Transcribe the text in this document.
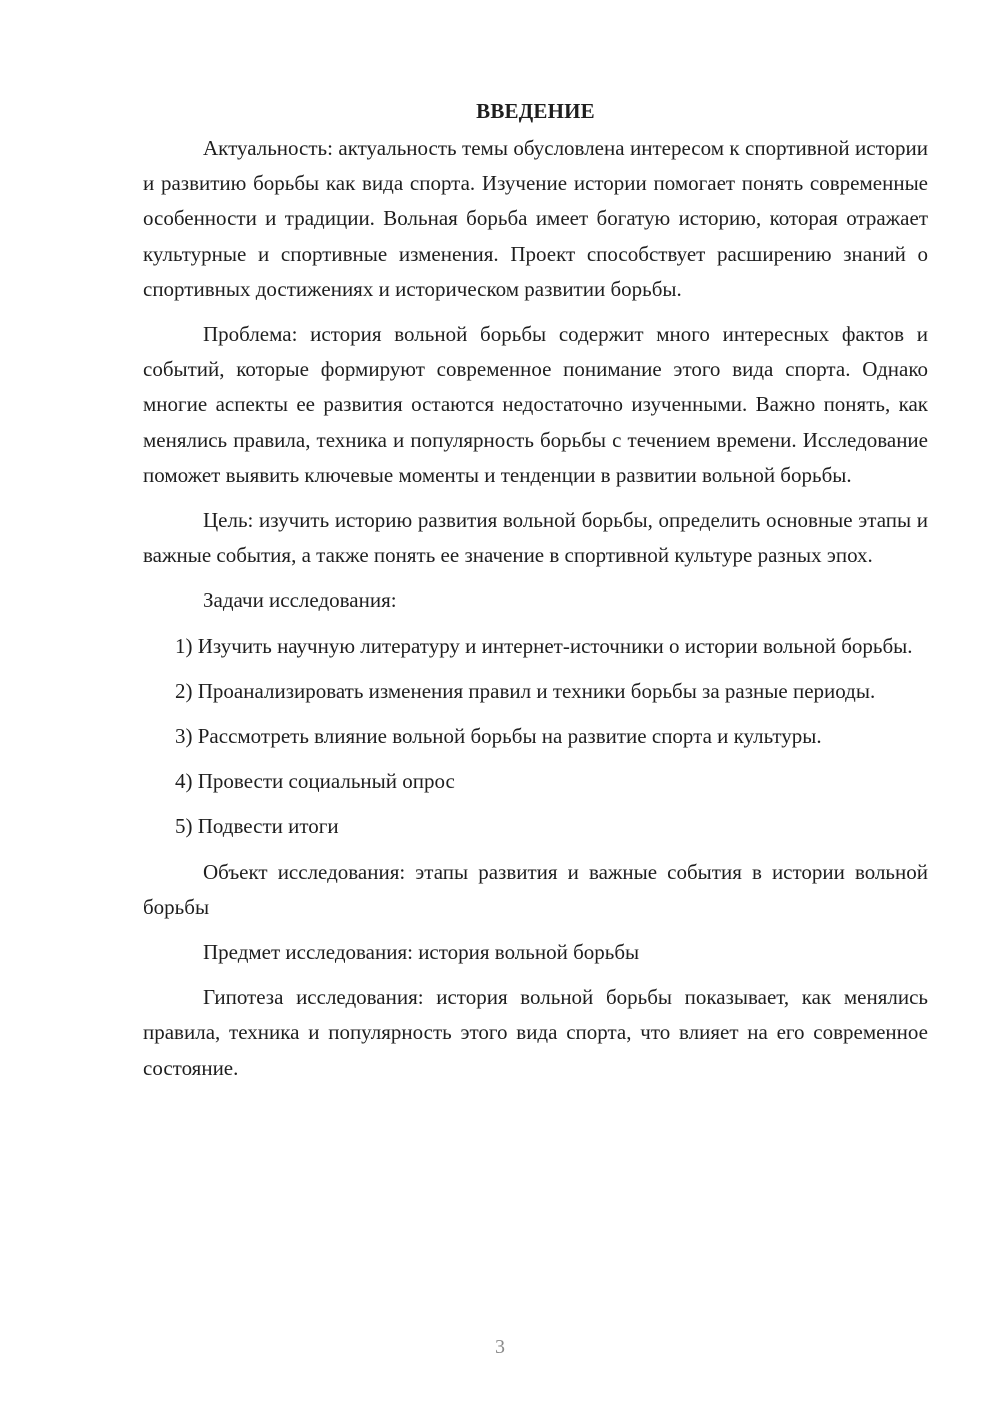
ВВЕДЕНИЕ

Актуальность: актуальность темы обусловлена интересом к спортивной истории и развитию борьбы как вида спорта. Изучение истории помогает понять современные особенности и традиции. Вольная борьба имеет богатую историю, которая отражает культурные и спортивные изменения. Проект способствует расширению знаний о спортивных достижениях и историческом развитии борьбы.

Проблема: история вольной борьбы содержит много интересных фактов и событий, которые формируют современное понимание этого вида спорта. Однако многие аспекты ее развития остаются недостаточно изученными. Важно понять, как менялись правила, техника и популярность борьбы с течением времени. Исследование поможет выявить ключевые моменты и тенденции в развитии вольной борьбы.

Цель: изучить историю развития вольной борьбы, определить основные этапы и важные события, а также понять ее значение в спортивной культуре разных эпох.

Задачи исследования:

1) Изучить научную литературу и интернет-источники о истории вольной борьбы.

2) Проанализировать изменения правил и техники борьбы за разные периоды.

3) Рассмотреть влияние вольной борьбы на развитие спорта и культуры.

4) Провести социальный опрос

5) Подвести итоги

Объект исследования: этапы развития и важные события в истории вольной борьбы

Предмет исследования: история вольной борьбы

Гипотеза исследования: история вольной борьбы показывает, как менялись правила, техника и популярность этого вида спорта, что влияет на его современное состояние.

3
